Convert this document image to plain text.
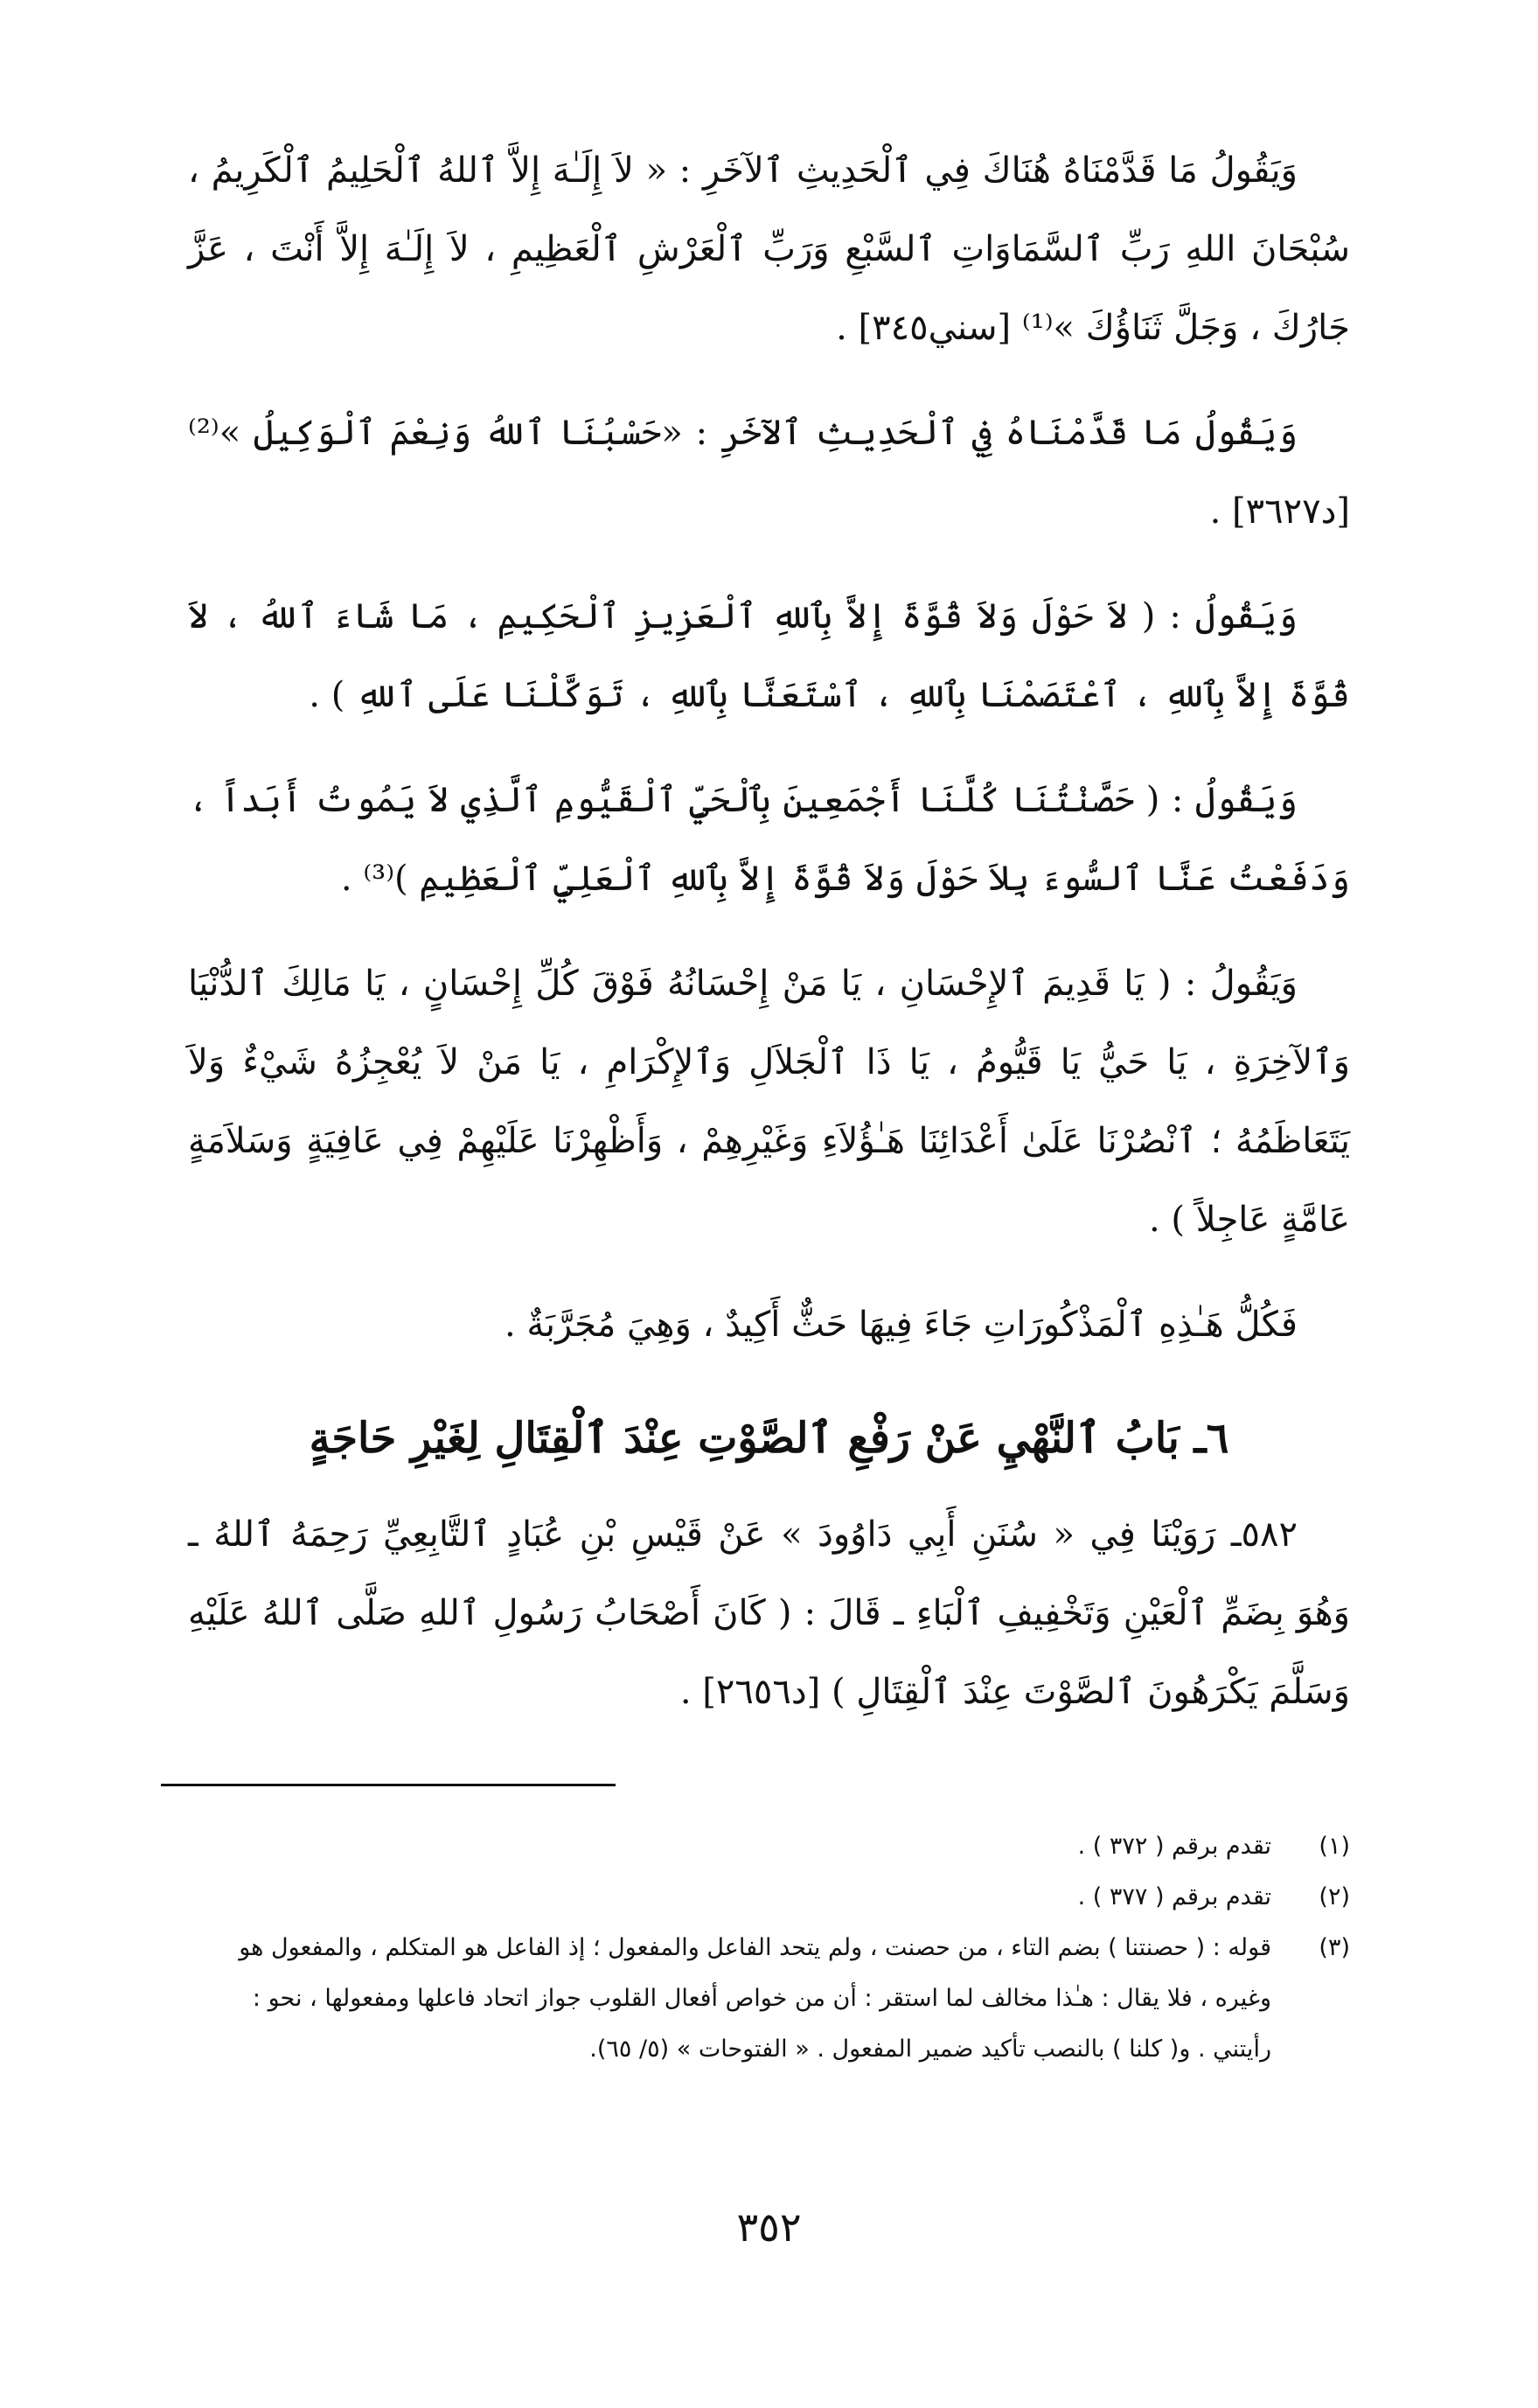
وَيَقُولُ مَا قَدَّمْنَاهُ هُنَاكَ فِي ٱلْحَدِيثِ ٱلآخَرِ : « لاَ إِلَـٰهَ إِلاَّ ٱللهُ ٱلْحَلِيمُ ٱلْكَرِيمُ ، سُبْحَانَ اللهِ رَبِّ ٱلسَّمَاوَاتِ ٱلسَّبْعِ وَرَبِّ ٱلْعَرْشِ ٱلْعَظِيمِ ، لاَ إِلَـٰهَ إِلاَّ أَنْتَ ، عَزَّ جَارُكَ ، وَجَلَّ ثَنَاؤُكَ »⁽¹⁾ [سني٣٤٥] .

وَيَقُولُ مَا قَدَّمْنَاهُ فِي ٱلْحَدِيثِ ٱلآخَرِ : «حَسْبُنَا ٱللهُ وَنِعْمَ ٱلْوَكِيلُ »⁽²⁾ [د٣٦٢٧] .

وَيَقُولُ : ( لاَ حَوْلَ وَلاَ قُوَّةَ إِلاَّ بِٱللهِ ٱلْعَزِيزِ ٱلْحَكِيمِ ، مَا شَاءَ ٱللهُ ، لاَ قُوَّةَ إِلاَّ بِٱللهِ ، ٱعْتَصَمْنَا بِٱللهِ ، ٱسْتَعَنَّا بِٱللهِ ، تَوَكَّلْنَا عَلَى ٱللهِ ) .

وَيَقُولُ : ( حَصَّنْتُنَا كُلَّنَا أَجْمَعِينَ بِٱلْحَيِّ ٱلْقَيُّومِ ٱلَّذِي لاَ يَمُوتُ أَبَداً ، وَدَفَعْتُ عَنَّا ٱلسُّوءَ بِلاَ حَوْلَ وَلاَ قُوَّةَ إِلاَّ بِٱللهِ ٱلْعَلِيِّ ٱلْعَظِيمِ )⁽³⁾ .

وَيَقُولُ : ( يَا قَدِيمَ ٱلإِحْسَانِ ، يَا مَنْ إِحْسَانُهُ فَوْقَ كُلِّ إِحْسَانٍ ، يَا مَالِكَ ٱلدُّنْيَا وَٱلآخِرَةِ ، يَا حَيُّ يَا قَيُّومُ ، يَا ذَا ٱلْجَلاَلِ وَٱلإِكْرَامِ ، يَا مَنْ لاَ يُعْجِزُهُ شَيْءٌ وَلاَ يَتَعَاظَمُهُ ؛ ٱنْصُرْنَا عَلَىٰ أَعْدَائِنَا هَـٰؤُلاَءِ وَغَيْرِهِمْ ، وَأَظْهِرْنَا عَلَيْهِمْ فِي عَافِيَةٍ وَسَلاَمَةٍ عَامَّةٍ عَاجِلاً ) .

فَكُلُّ هَـٰذِهِ ٱلْمَذْكُورَاتِ جَاءَ فِيهَا حَثٌّ أَكِيدٌ ، وَهِيَ مُجَرَّبَةٌ .

٦ـ بَابُ ٱلنَّهْيِ عَنْ رَفْعِ ٱلصَّوْتِ عِنْدَ ٱلْقِتَالِ لِغَيْرِ حَاجَةٍ

٥٨٢ـ رَوَيْنَا فِي « سُنَنِ أَبِي دَاوُودَ » عَنْ قَيْسِ بْنِ عُبَادٍ ٱلتَّابِعِيِّ رَحِمَهُ ٱللهُ ـ وَهُوَ بِضَمِّ ٱلْعَيْنِ وَتَخْفِيفِ ٱلْبَاءِ ـ قَالَ : ( كَانَ أَصْحَابُ رَسُولِ ٱللهِ صَلَّى ٱللهُ عَلَيْهِ وَسَلَّمَ يَكْرَهُونَ ٱلصَّوْتَ عِنْدَ ٱلْقِتَالِ ) [د٢٦٥٦] .

(١)
تقدم برقم ( ٣٧٢ ) .
(٢)
تقدم برقم ( ٣٧٧ ) .
(٣)
قوله : ( حصنتنا ) بضم التاء ، من حصنت ، ولم يتحد الفاعل والمفعول ؛ إذ الفاعل هو المتكلم ، والمفعول هو وغيره ، فلا يقال : هـٰذا مخالف لما استقر : أن من خواص أفعال القلوب جواز اتحاد فاعلها ومفعولها ، نحو : رأيتني . و( كلنا ) بالنصب تأكيد ضمير المفعول . « الفتوحات » (٥/ ٦٥).
٣٥٢
